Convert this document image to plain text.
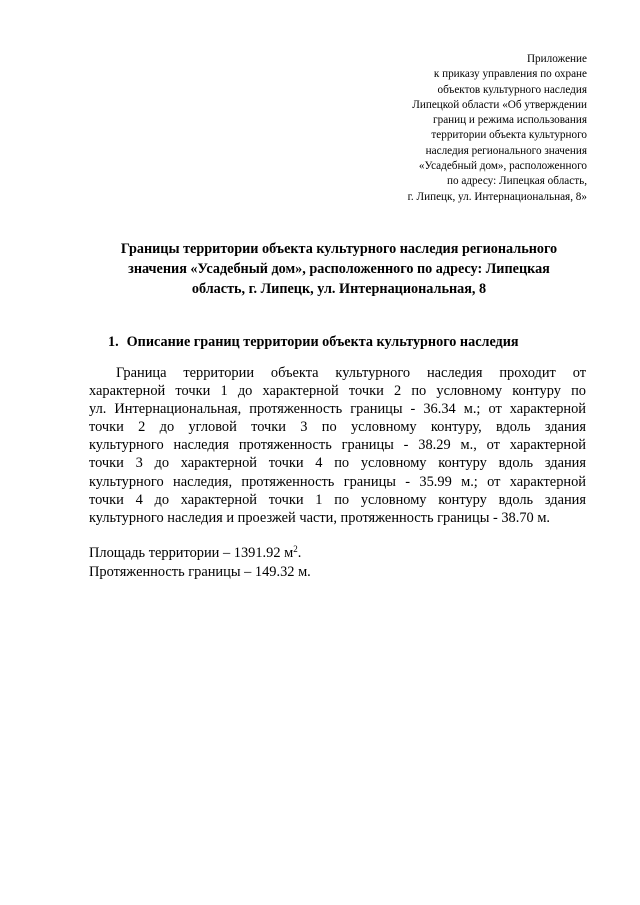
Приложение
к приказу управления по охране
объектов культурного наследия
Липецкой области «Об утверждении
границ и режима использования
территории объекта культурного
наследия регионального значения
«Усадебный дом», расположенного
по адресу: Липецкая область,
г. Липецк, ул. Интернациональная, 8»
Границы территории объекта культурного наследия регионального
значения «Усадебный дом», расположенного по адресу: Липецкая
область, г. Липецк, ул. Интернациональная, 8
1. Описание границ территории объекта культурного наследия
Граница территории объекта культурного наследия проходит от
характерной точки 1 до характерной точки 2 по условному контуру по
ул. Интернациональная, протяженность границы - 36.34 м.; от характерной
точки 2 до угловой точки 3 по условному контуру, вдоль здания
культурного наследия протяженность границы - 38.29 м., от характерной
точки 3 до характерной точки 4 по условному контуру вдоль здания
культурного наследия, протяженность границы - 35.99 м.; от характерной
точки 4 до характерной точки 1 по условному контуру вдоль здания
культурного наследия и проезжей части, протяженность границы - 38.70 м.
Площадь территории – 1391.92 $м^2$.
Протяженность границы – 149.32 м.
